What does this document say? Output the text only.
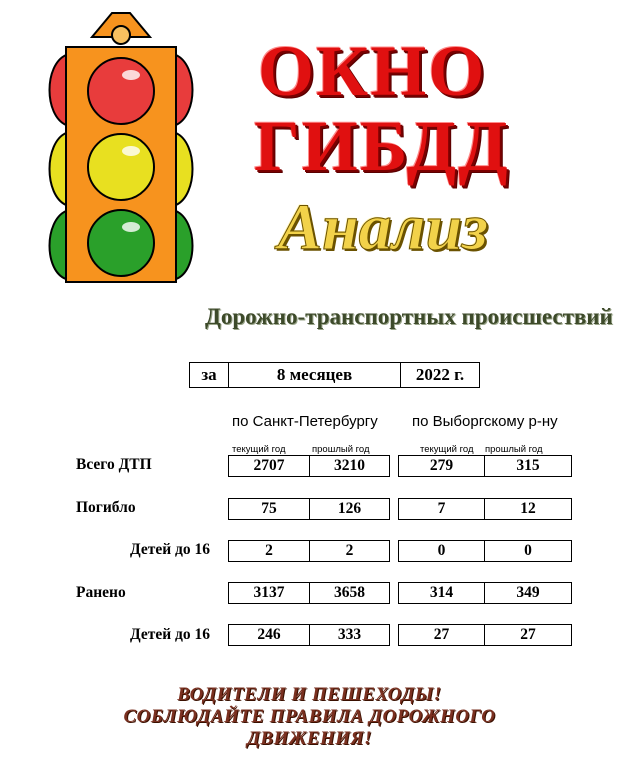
ОКНО
ГИБДД
Анализ
Дорожно-транспортных происшествий
за	8 месяцев	2022 г.
по Санкт-Петербургу по Выборгскому р-ну
текущий год	прошлый год	текущий год прошлый год
Всего ДТП	2707	3210	279	315
Погибло	75	126	7	12
Детей до 16	2	2	0	0
Ранено	3137	3658	314	349
Детей до 16	246	333	27	27
ВОДИТЕЛИ И ПЕШЕХОДЫ!
СОБЛЮДАЙТЕ ПРАВИЛА ДОРОЖНОГО
ДВИЖЕНИЯ!
